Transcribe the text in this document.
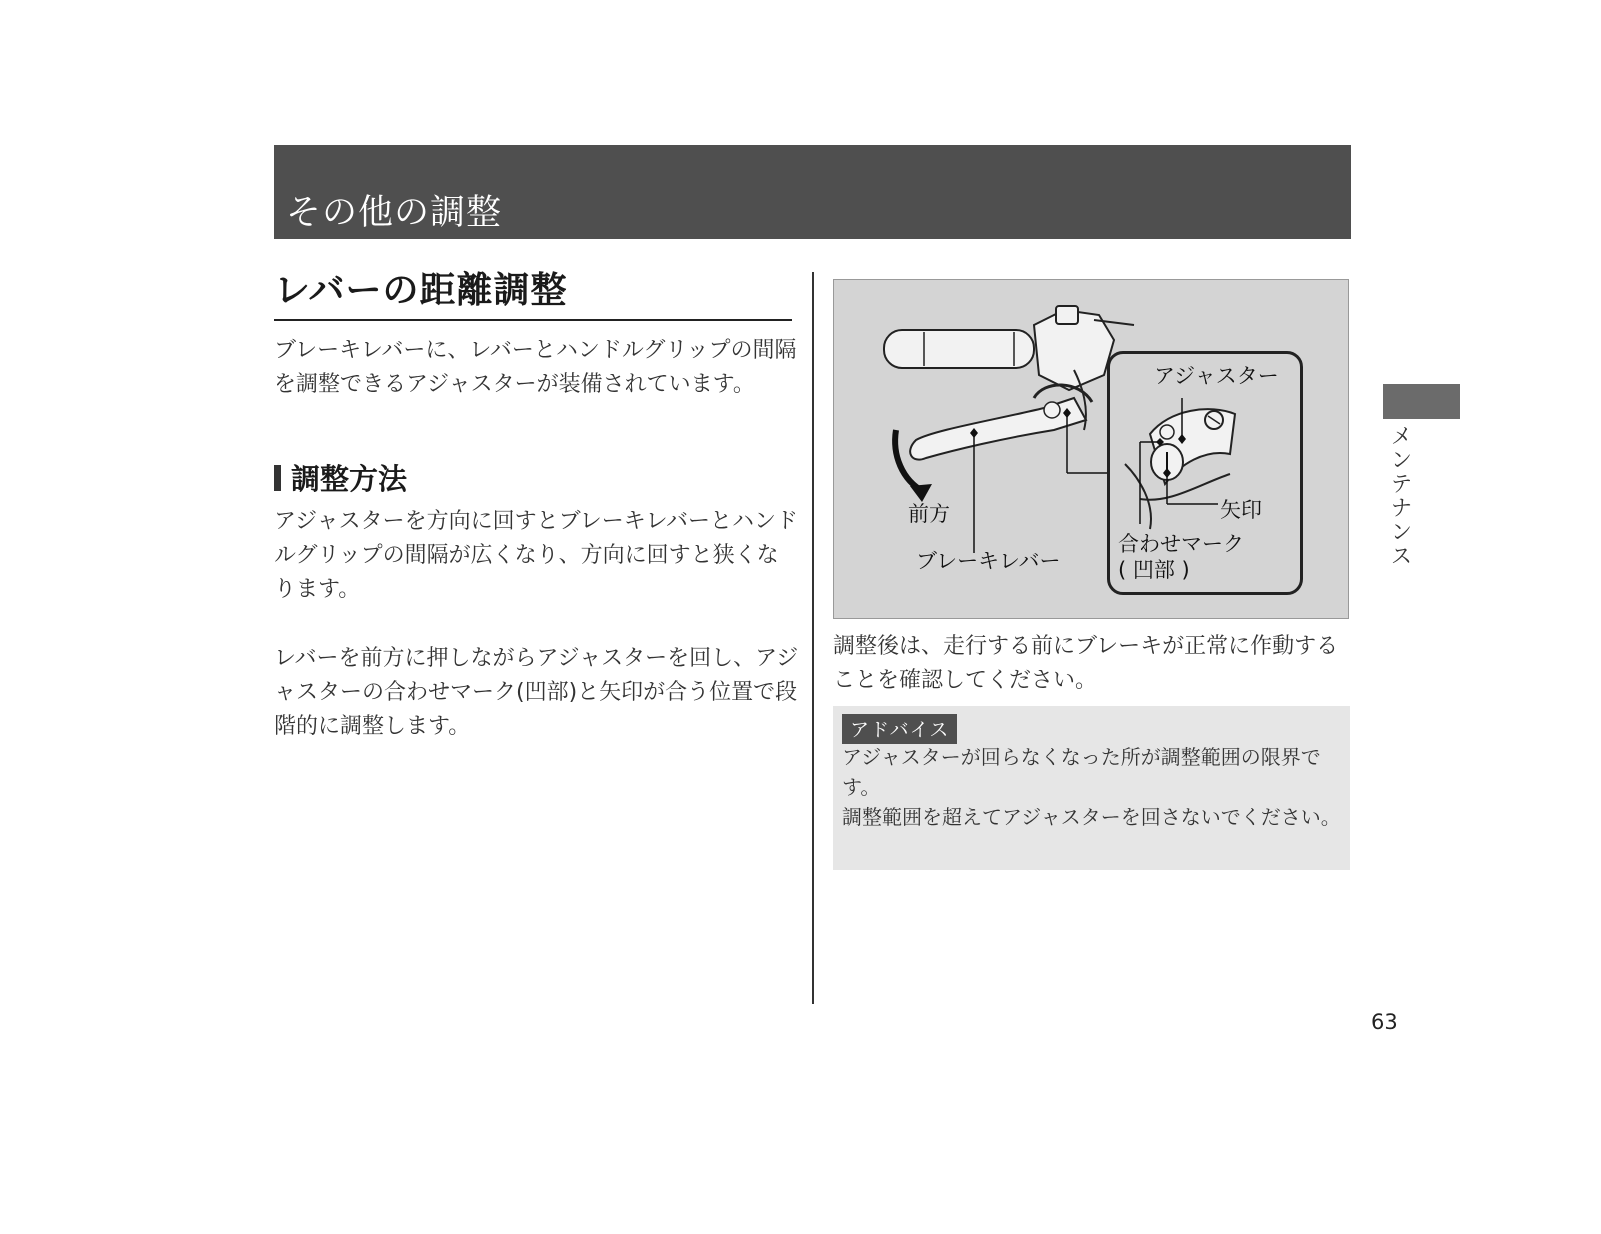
その他の調整
レバーの距離調整

ブレーキレバーに、レバーとハンドルグリップの間隔を調整できるアジャスターが装備されています。

調整方法

アジャスターを方向に回すとブレーキレバーとハンドルグリップの間隔が広くなり、方向に回すと狭くなります。

レバーを前方に押しながらアジャスターを回し、アジャスターの合わせマーク(凹部)と矢印が合う位置で段階的に調整します。

アジャスター

矢印

合わせマーク

( 凹部 )

前方

ブレーキレバー

調整後は、走行する前にブレーキが正常に作動することを確認してください。

アドバイス

アジャスターが回らなくなった所が調整範囲の限界です。

調整範囲を超えてアジャスターを回さないでください。

メンテナンス

63
